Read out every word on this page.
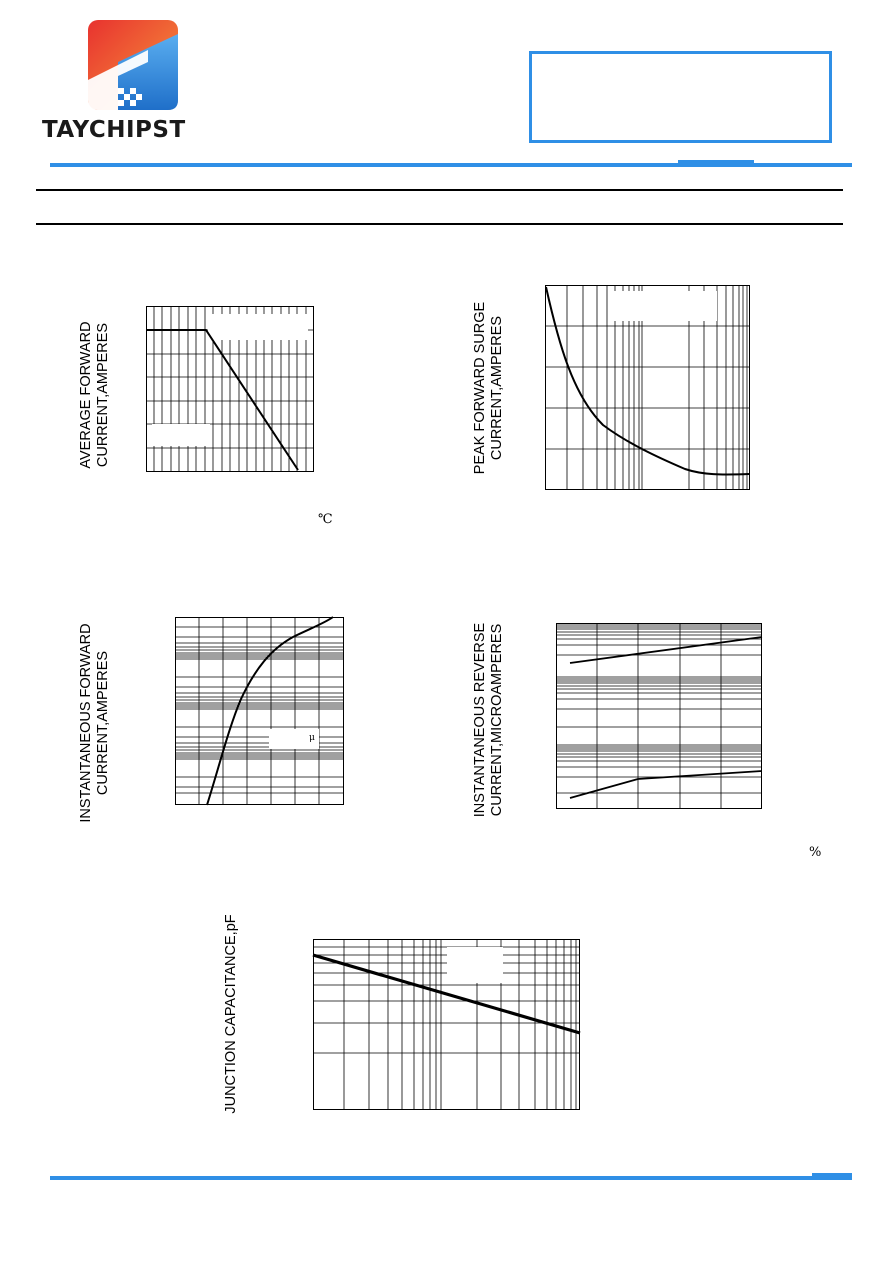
TAYCHIPST
AVERAGE FORWARD CURRENT,AMPERES
℃
PEAK FORWARD SURGE CURRENT,AMPERES
INSTANTANEOUS FORWARD CURRENT,AMPERES	μ	INSTANTANEOUS REVERSE CURRENT,MICROAMPERES
%
JUNCTION CAPACITANCE,pF
